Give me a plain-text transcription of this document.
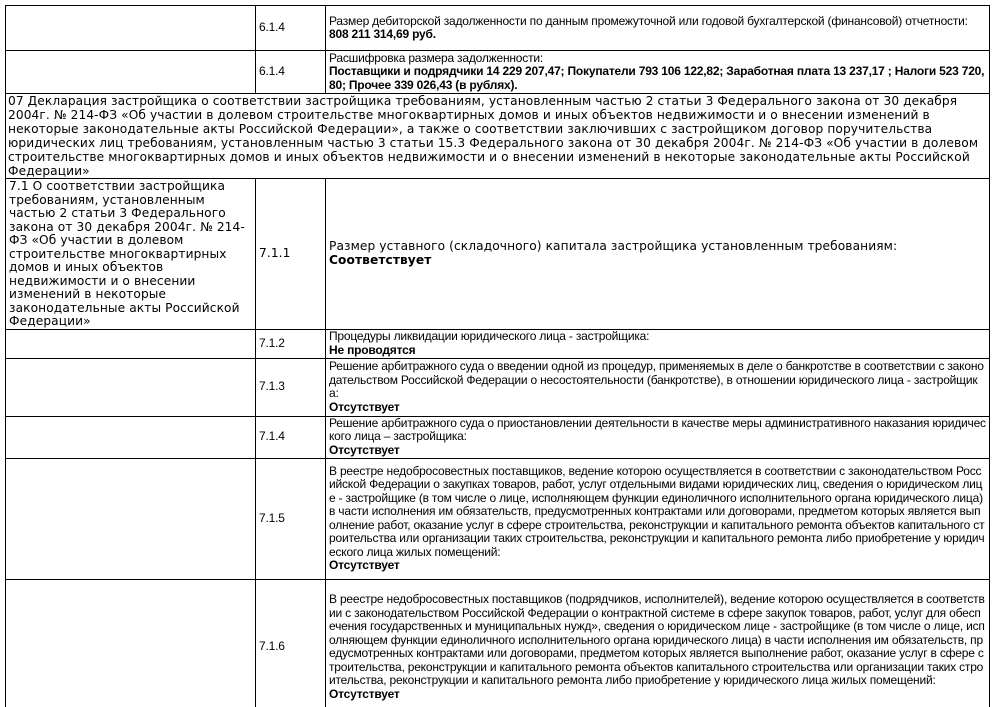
	6.1.4	Размер дебиторской задолженности по данным промежуточной или годовой бухгалтерской (финансовой) отчетности:
808 211 314,69 руб.

	6.1.4	Расшифровка размера задолженности:
Поставщики и подрядчики 14 229 207,47; Покупатели 793 106 122,82; Заработная плата 13 237,17 ; Налоги 523 720,80; Прочее 339 026,43 (в рублях).

07 Декларация застройщика о соответствии застройщика требованиям, установленным частью 2 статьи 3 Федерального закона от 30 декабря 2004г. № 214-ФЗ «Об участии в долевом строительстве многоквартирных домов и иных объектов недвижимости и о внесении изменений в некоторые законодательные акты Российской Федерации», а также о соответствии заключивших с застройщиком договор поручительства юридических лиц требованиям, установленным частью 3 статьи 15.3 Федерального закона от 30 декабря 2004г. № 214-ФЗ «Об участии в долевом строительстве многоквартирных домов и иных объектов недвижимости и о внесении изменений в некоторые законодательные акты Российской Федерации»		
7.1 О соответствии застройщика требованиям, установленным частью 2 статьи 3 Федерального закона от 30 декабря 2004г. № 214-ФЗ «Об участии в долевом строительстве многоквартирных домов и иных объектов недвижимости и о внесении изменений в некоторые законодательные акты Российской Федерации»	7.1.1	Размер уставного (складочного) капитала застройщика установленным требованиям:
Соответствует

	7.1.2	Процедуры ликвидации юридического лица - застройщика:
Не проводятся

	7.1.3	Решение арбитражного суда о введении одной из процедур, применяемых в деле о банкротстве в соответствии с законодательством Российской Федерации о несостоятельности (банкротстве), в отношении юридического лица - застройщика:
Отсутствует

	7.1.4	Решение арбитражного суда о приостановлении деятельности в качестве меры административного наказания юридического лица – застройщика:
Отсутствует

	7.1.5	В реестре недобросовестных поставщиков, ведение которою осуществляется в соответствии с законодательством Российской Федерации о закупках товаров, работ, услуг отдельными видами юридических лиц, сведения о юридическом лице - застройщике (в том числе о лице, исполняющем функции единоличного исполнительного органа юридического лица) в части исполнения им обязательств, предусмотренных контрактами или договорами, предметом которых является выполнение работ, оказание услуг в сфере строительства, реконструкции и капитального ремонта объектов капитального строительства или организации таких строительства, реконструкции и капитального ремонта либо приобретение у юридического лица жилых помещений:
Отсутствует

	7.1.6	В реестре недобросовестных поставщиков (подрядчиков, исполнителей), ведение которою осуществляется в соответствии с законодательством Российской Федерации о контрактной системе в сфере закупок товаров, работ, услуг для обеспечения государственных и муниципальных нужд», сведения о юридическом лице - застройщике (в том числе о лице, исполняющем функции единоличного исполнительного органа юридического лица) в части исполнения им обязательств, предусмотренных контрактами или договорами, предметом которых является выполнение работ, оказание услуг в сфере строительства, реконструкции и капитального ремонта объектов капитального строительства или организации таких строительства, реконструкции и капитального ремонта либо приобретение у юридического лица жилых помещений:
Отсутствует
